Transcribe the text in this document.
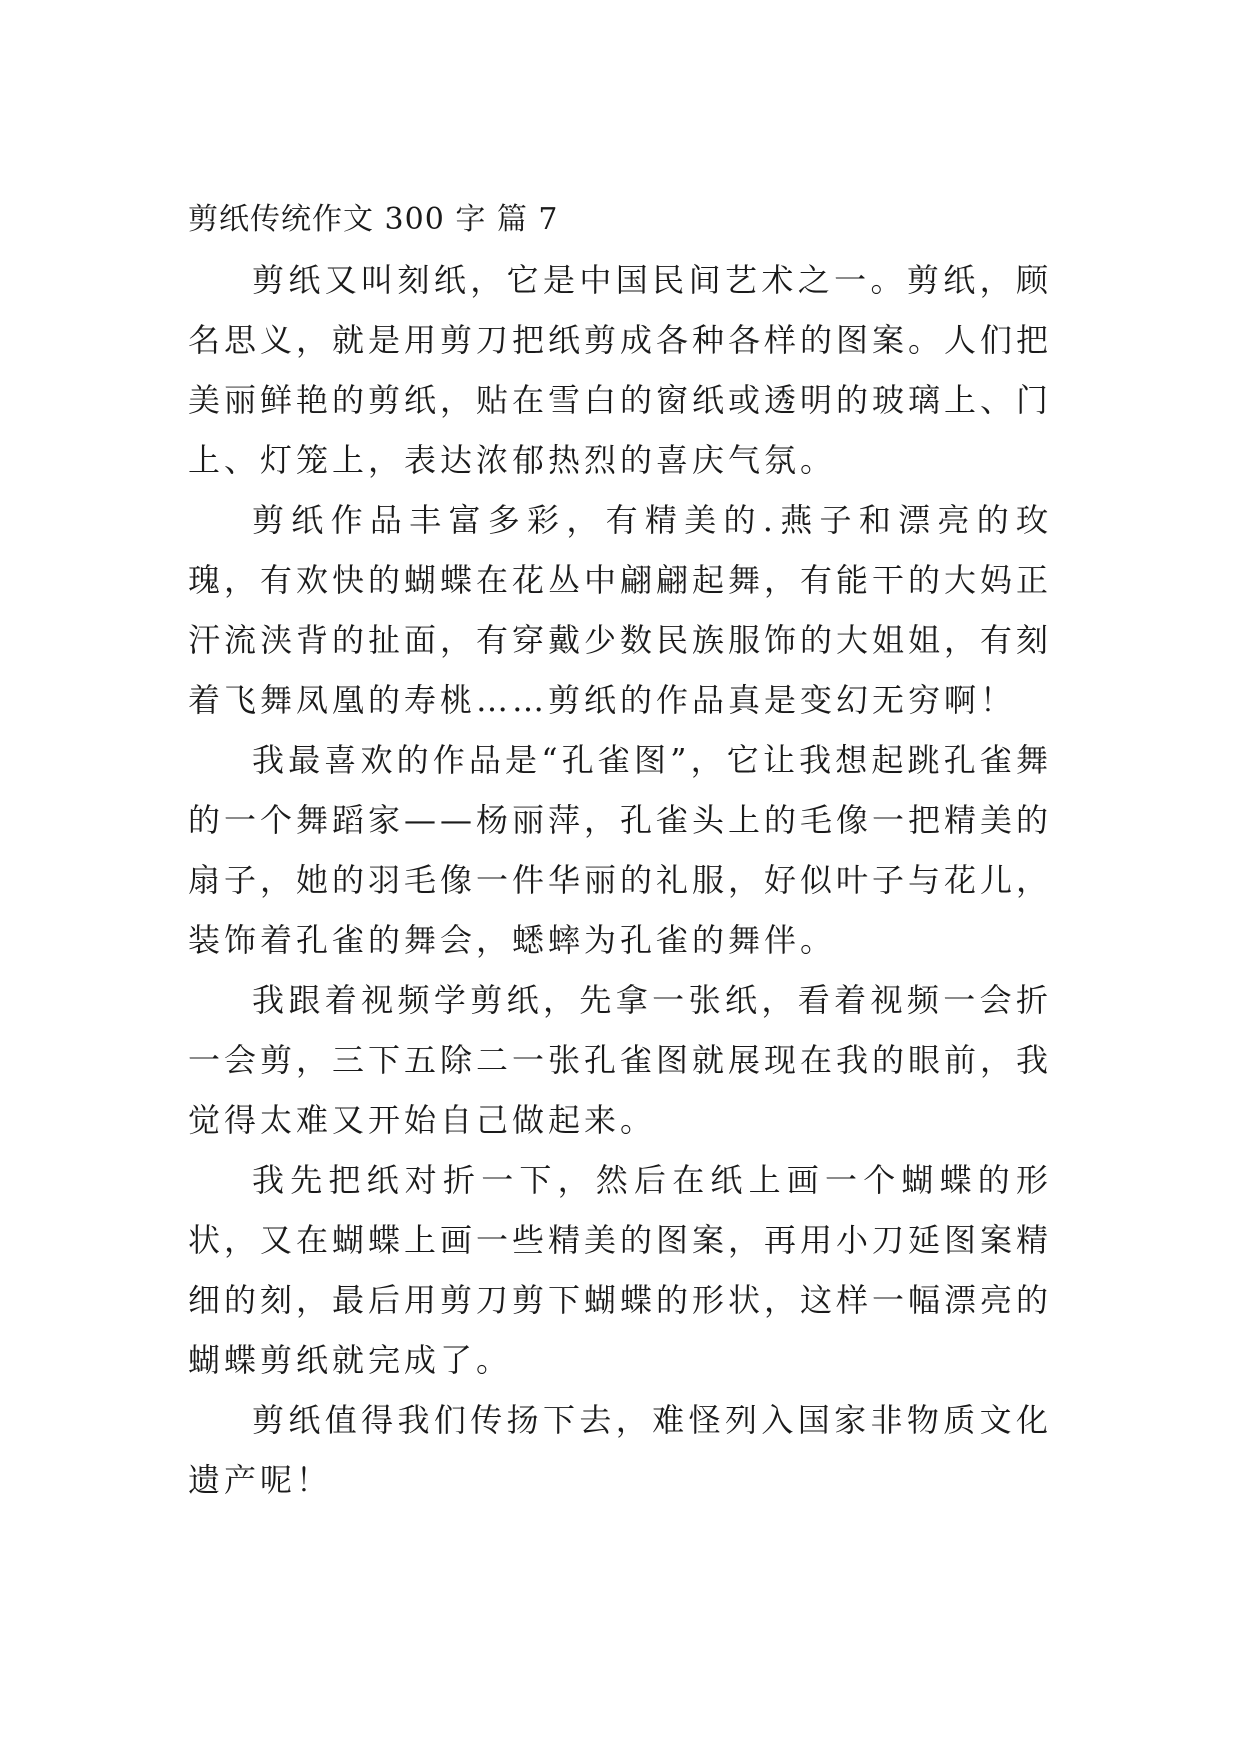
剪纸传统作文 300 字 篇 7

剪纸又叫刻纸，它是中国民间艺术之一。剪纸，顾名思义，就是用剪刀把纸剪成各种各样的图案。人们把美丽鲜艳的剪纸，贴在雪白的窗纸或透明的玻璃上、门上、灯笼上，表达浓郁热烈的喜庆气氛。

剪纸作品丰富多彩，有精美的.燕子和漂亮的玫瑰，有欢快的蝴蝶在花丛中翩翩起舞，有能干的大妈正汗流浃背的扯面，有穿戴少数民族服饰的大姐姐，有刻着飞舞凤凰的寿桃……剪纸的作品真是变幻无穷啊！

我最喜欢的作品是“孔雀图”，它让我想起跳孔雀舞的一个舞蹈家——杨丽萍，孔雀头上的毛像一把精美的扇子，她的羽毛像一件华丽的礼服，好似叶子与花儿，装饰着孔雀的舞会，蟋蟀为孔雀的舞伴。

我跟着视频学剪纸，先拿一张纸，看着视频一会折一会剪，三下五除二一张孔雀图就展现在我的眼前，我觉得太难又开始自己做起来。

我先把纸对折一下，然后在纸上画一个蝴蝶的形状，又在蝴蝶上画一些精美的图案，再用小刀延图案精细的刻，最后用剪刀剪下蝴蝶的形状，这样一幅漂亮的蝴蝶剪纸就完成了。

剪纸值得我们传扬下去，难怪列入国家非物质文化遗产呢！
